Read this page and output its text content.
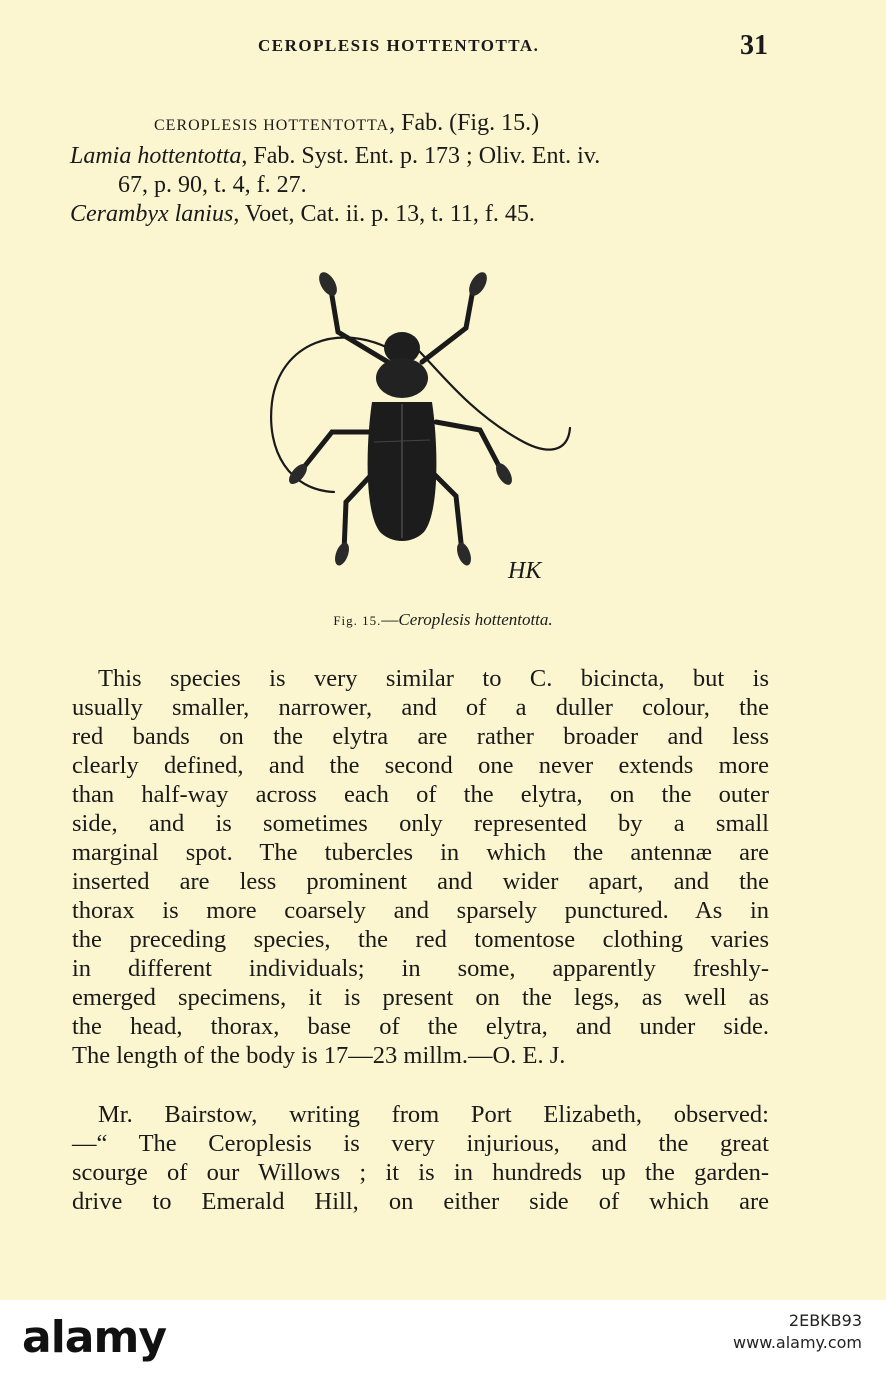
CEROPLESIS HOTTENTOTTA.	31
CEROPLESIS HOTTENTOTTA, Fab. (Fig. 15.)
Lamia hottentotta, Fab. Syst. Ent. p. 173 ; Oliv. Ent. iv.
67, p. 90, t. 4, f. 27.
Cerambyx lanius, Voet, Cat. ii. p. 13, t. 11, f. 45.
HK
Fig. 15.—Ceroplesis hottentotta.
This species is very similar to C. bicincta, but is
usually smaller, narrower, and of a duller colour, the
red bands on the elytra are rather broader and less
clearly defined, and the second one never extends more
than half-way across each of the elytra, on the outer
side, and is sometimes only represented by a small
marginal spot. The tubercles in which the antennæ are
inserted are less prominent and wider apart, and the
thorax is more coarsely and sparsely punctured. As in
the preceding species, the red tomentose clothing varies
in different individuals; in some, apparently freshly-
emerged specimens, it is present on the legs, as well as
the head, thorax, base of the elytra, and under side.
The length of the body is 17—23 millm.—O. E. J.
Mr. Bairstow, writing from Port Elizabeth, observed:
—“ The Ceroplesis is very injurious, and the great
scourge of our Willows ; it is in hundreds up the garden-
drive to Emerald Hill, on either side of which are
alamy	2EBKB93
www.alamy.com
